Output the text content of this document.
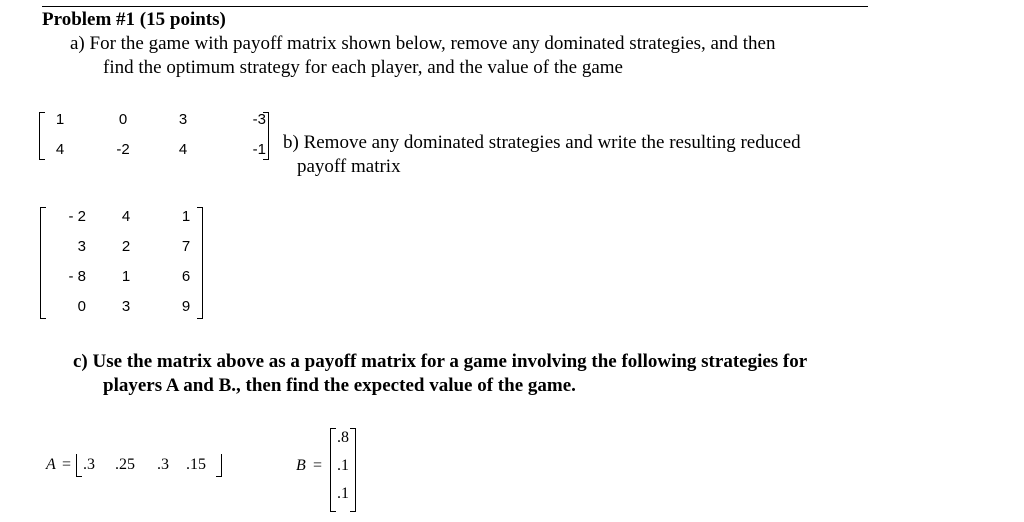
Problem #1 (15 points)
a) For the game with payoff matrix shown below, remove any dominated strategies, and then
find the optimum strategy for each player, and the value of the game
1	0	3	-3
4	-2	4	-1 b) Remove any dominated strategies and write the resulting reduced
payoff matrix
- 2	4	1
3	2	7
- 8	1	6
0	3	9
c) Use the matrix above as a payoff matrix for a game involving the following strategies for
players A and B., then find the expected value of the game.
A = .3 .25 .3 .15	B =
.8
.1
.1
